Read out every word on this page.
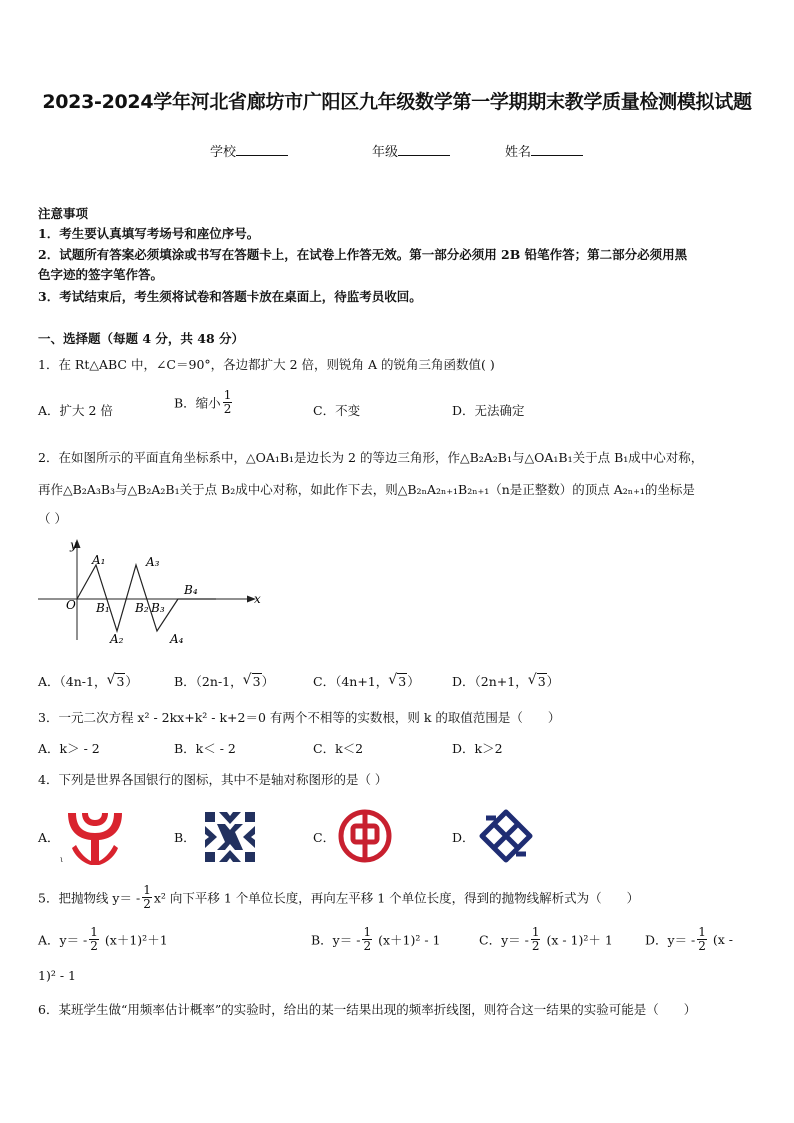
2023-2024学年河北省廊坊市广阳区九年级数学第一学期期末教学质量检测模拟试题
学校	年级	姓名
注意事项
1．考生要认真填写考场号和座位序号。
2．试题所有答案必须填涂或书写在答题卡上，在试卷上作答无效。第一部分必须用 2B 铅笔作答；第二部分必须用黑
色字迹的签字笔作答。
3．考试结束后，考生须将试卷和答题卡放在桌面上，待监考员收回。
一、选择题（每题 4 分，共 48 分）
1．在 Rt△ABC 中，∠C＝90°，各边都扩大 2 倍，则锐角 A 的锐角三角函数值( )
A．扩大 2 倍	B．缩小 $\frac{1}{2}$	C．不变	D．无法确定
2．在如图所示的平面直角坐标系中，△OA₁B₁是边长为 2 的等边三角形，作△B₂A₂B₁与△OA₁B₁关于点 B₁成中心对称，
再作△B₂A₃B₃与△B₂A₂B₁关于点 B₂成中心对称，如此作下去，则△B₂ₙA₂ₙ₊₁B₂ₙ₊₁（n是正整数）的顶点 A₂ₙ₊₁的坐标是
（ ）
y
x
O
A₁
A₂
A₃
A₄
B₁ B₂ B₃
B₄
A．（4n-1， √ 3）	B．（2n-1， √ 3）	C．（4n+1， √ 3）	D．（2n+1， √ 3）
3．一元二次方程 x² - 2kx+k² - k+2＝0 有两个不相等的实数根，则 k 的取值范围是（　　）
A．k＞ - 2	B．k＜ - 2	C．k＜2	D．k＞2
4．下列是世界各国银行的图标，其中不是轴对称图形的是（ ）
A．	B．	C．	D．
ι
5．把抛物线 $y= - \frac{1}{2} x^2$ 向下平移 1 个单位长度，再向左平移 1 个单位长度，得到的抛物线解析式为（　　）
A．$y= - \frac{1}{2} (x+1)^2+1$	B．$y= - \frac{1}{2} (x+1)^2 - 1$	C．$y= - \frac{1}{2} (x - 1)^2+ 1$	D．$y= - \frac{1}{2} (x$ -
1)² - 1
6．某班学生做“用频率估计概率”的实验时，给出的某一结果出现的频率折线图，则符合这一结果的实验可能是（　　）
